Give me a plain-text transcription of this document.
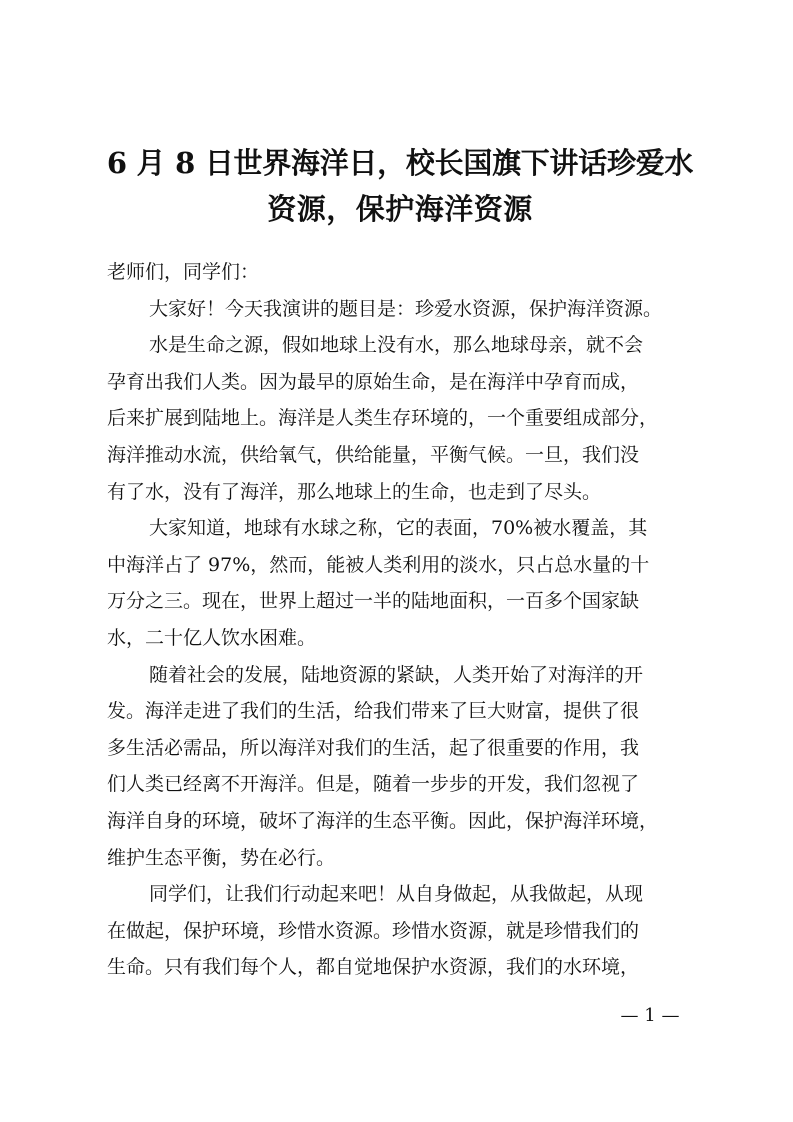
6 月 8 日世界海洋日，校长国旗下讲话珍爱水
资源，保护海洋资源
老师们，同学们：
大家好！今天我演讲的题目是：珍爱水资源，保护海洋资源。
水是生命之源，假如地球上没有水，那么地球母亲，就不会
孕育出我们人类。因为最早的原始生命，是在海洋中孕育而成，
后来扩展到陆地上。海洋是人类生存环境的，一个重要组成部分，
海洋推动水流，供给氧气，供给能量，平衡气候。一旦，我们没
有了水，没有了海洋，那么地球上的生命，也走到了尽头。
大家知道，地球有水球之称，它的表面，70%被水覆盖，其
中海洋占了 97%，然而，能被人类利用的淡水，只占总水量的十
万分之三。现在，世界上超过一半的陆地面积，一百多个国家缺
水，二十亿人饮水困难。
随着社会的发展，陆地资源的紧缺，人类开始了对海洋的开
发。海洋走进了我们的生活，给我们带来了巨大财富，提供了很
多生活必需品，所以海洋对我们的生活，起了很重要的作用，我
们人类已经离不开海洋。但是，随着一步步的开发，我们忽视了
海洋自身的环境，破坏了海洋的生态平衡。因此，保护海洋环境，
维护生态平衡，势在必行。
同学们，让我们行动起来吧！从自身做起，从我做起，从现
在做起，保护环境，珍惜水资源。珍惜水资源，就是珍惜我们的
生命。只有我们每个人，都自觉地保护水资源，我们的水环境，
— 1 —
